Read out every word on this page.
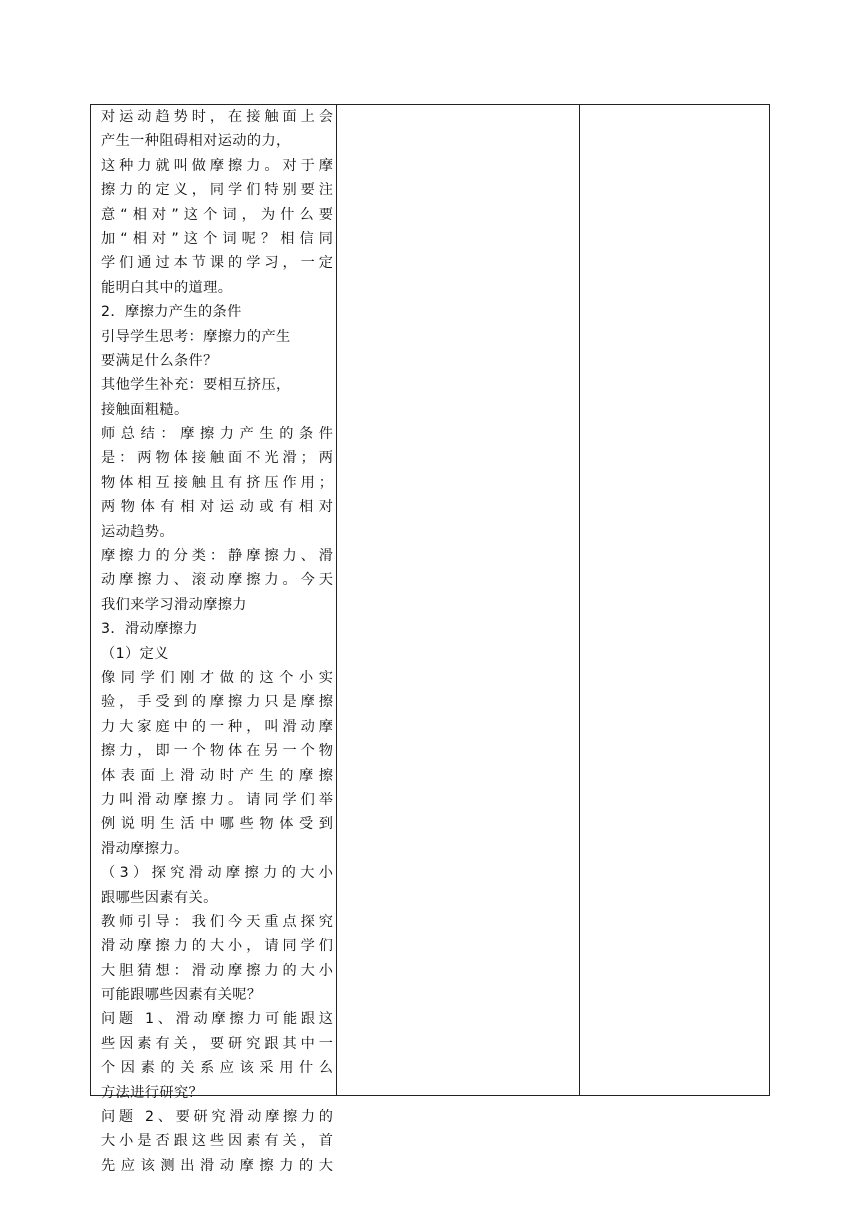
对运动趋势时，在接触面上会
产生一种阻碍相对运动的力，
这种力就叫做摩擦力。对于摩
擦力的定义，同学们特别要注
意“相对”这个词，为什么要
加“相对”这个词呢？相信同
学们通过本节课的学习，一定
能明白其中的道理。
2．摩擦力产生的条件
引导学生思考：摩擦力的产生
要满足什么条件？
其他学生补充：要相互挤压，
接触面粗糙。
师总结：摩擦力产生的条件
是：两物体接触面不光滑；两
物体相互接触且有挤压作用；
两物体有相对运动或有相对
运动趋势。
摩擦力的分类：静摩擦力、滑
动摩擦力、滚动摩擦力。今天
我们来学习滑动摩擦力
3．滑动摩擦力
（1）定义
像同学们刚才做的这个小实
验，手受到的摩擦力只是摩擦
力大家庭中的一种，叫滑动摩
擦力，即一个物体在另一个物
体表面上滑动时产生的摩擦
力叫滑动摩擦力。请同学们举
例说明生活中哪些物体受到
滑动摩擦力。
（3）探究滑动摩擦力的大小
跟哪些因素有关。
教师引导：我们今天重点探究
滑动摩擦力的大小，请同学们
大胆猜想：滑动摩擦力的大小
可能跟哪些因素有关呢？
问题 1、滑动摩擦力可能跟这
些因素有关，要研究跟其中一
个因素的关系应该采用什么
方法进行研究？
问题 2、要研究滑动摩擦力的
大小是否跟这些因素有关，首
先应该测出滑动摩擦力的大
